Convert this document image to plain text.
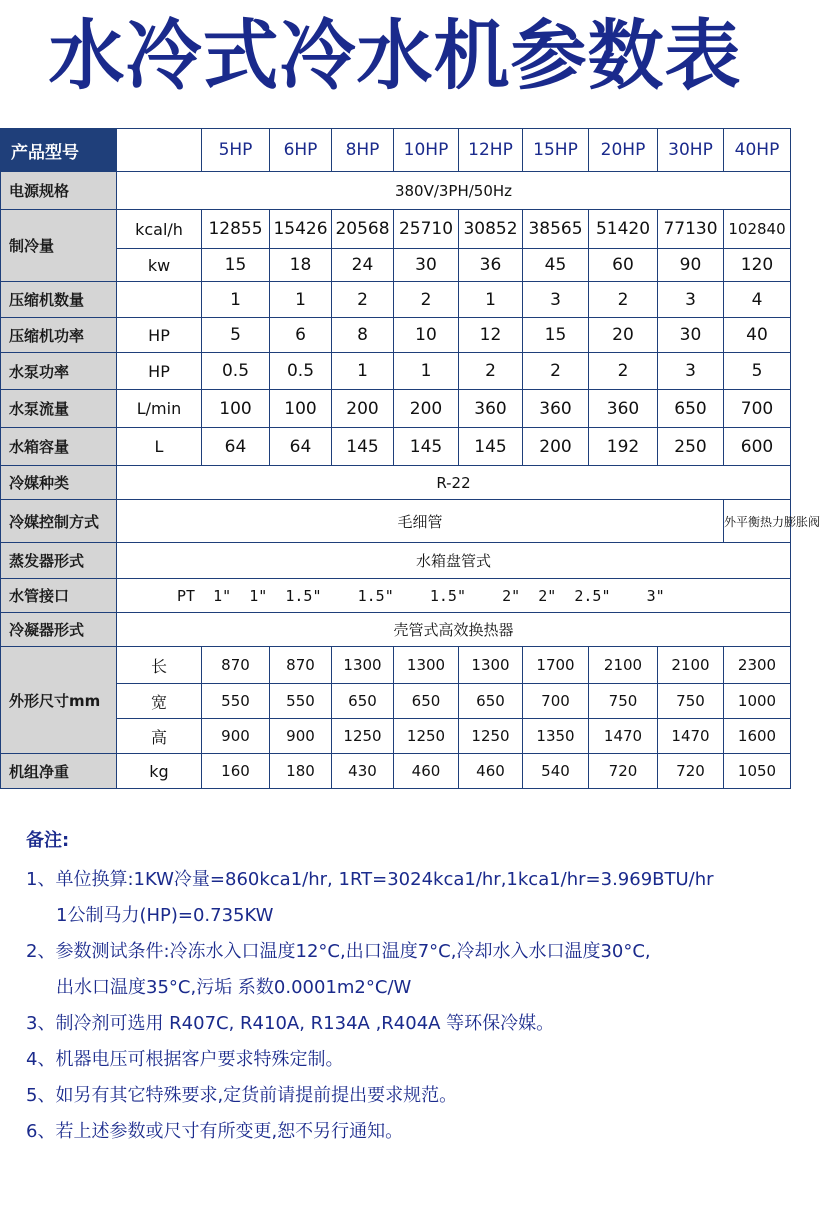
水冷式冷水机参数表
产品型号		5HP	6HP	8HP	10HP	12HP	15HP	20HP	30HP	40HP
电源规格	380V/3PH/50Hz									
制冷量	kcal/h	12855	15426	20568	25710	30852	38565	51420	77130	102840
	kw	15	18	24	30	36	45	60	90	120
压缩机数量		1	1	2	2	1	3	2	3	4
压缩机功率	HP	5	6	8	10	12	15	20	30	40
水泵功率	HP	0.5	0.5	1	1	2	2	2	3	5
水泵流量	L/min	100	100	200	200	360	360	360	650	700
水箱容量	L	64	64	145	145	145	200	192	250	600
冷媒种类	R-22									
冷媒控制方式	毛细管									外平衡热力膨胀阀
蒸发器形式	水箱盘管式									
水管接口	PT  1"  1"  1.5"    1.5"    1.5"    2"  2"  2.5"    3"									
冷凝器形式	壳管式高效换热器									
外形尺寸mm	长	870	870	1300	1300	1300	1700	2100	2100	2300
	宽	550	550	650	650	650	700	750	750	1000
	高	900	900	1250	1250	1250	1350	1470	1470	1600
机组净重	kg	160	180	430	460	460	540	720	720	1050
备注:
1、单位换算:1KW冷量=860kca1/hr, 1RT=3024kca1/hr,1kca1/hr=3.969BTU/hr
1公制马力(HP)=0.735KW
2、参数测试条件:冷冻水入口温度12°C,出口温度7°C,冷却水入水口温度30°C,
出水口温度35°C,污垢 系数0.0001m2°C/W
3、制冷剂可选用 R407C, R410A, R134A ,R404A 等环保冷媒。
4、机器电压可根据客户要求特殊定制。
5、如另有其它特殊要求,定货前请提前提出要求规范。
6、若上述参数或尺寸有所变更,恕不另行通知。
